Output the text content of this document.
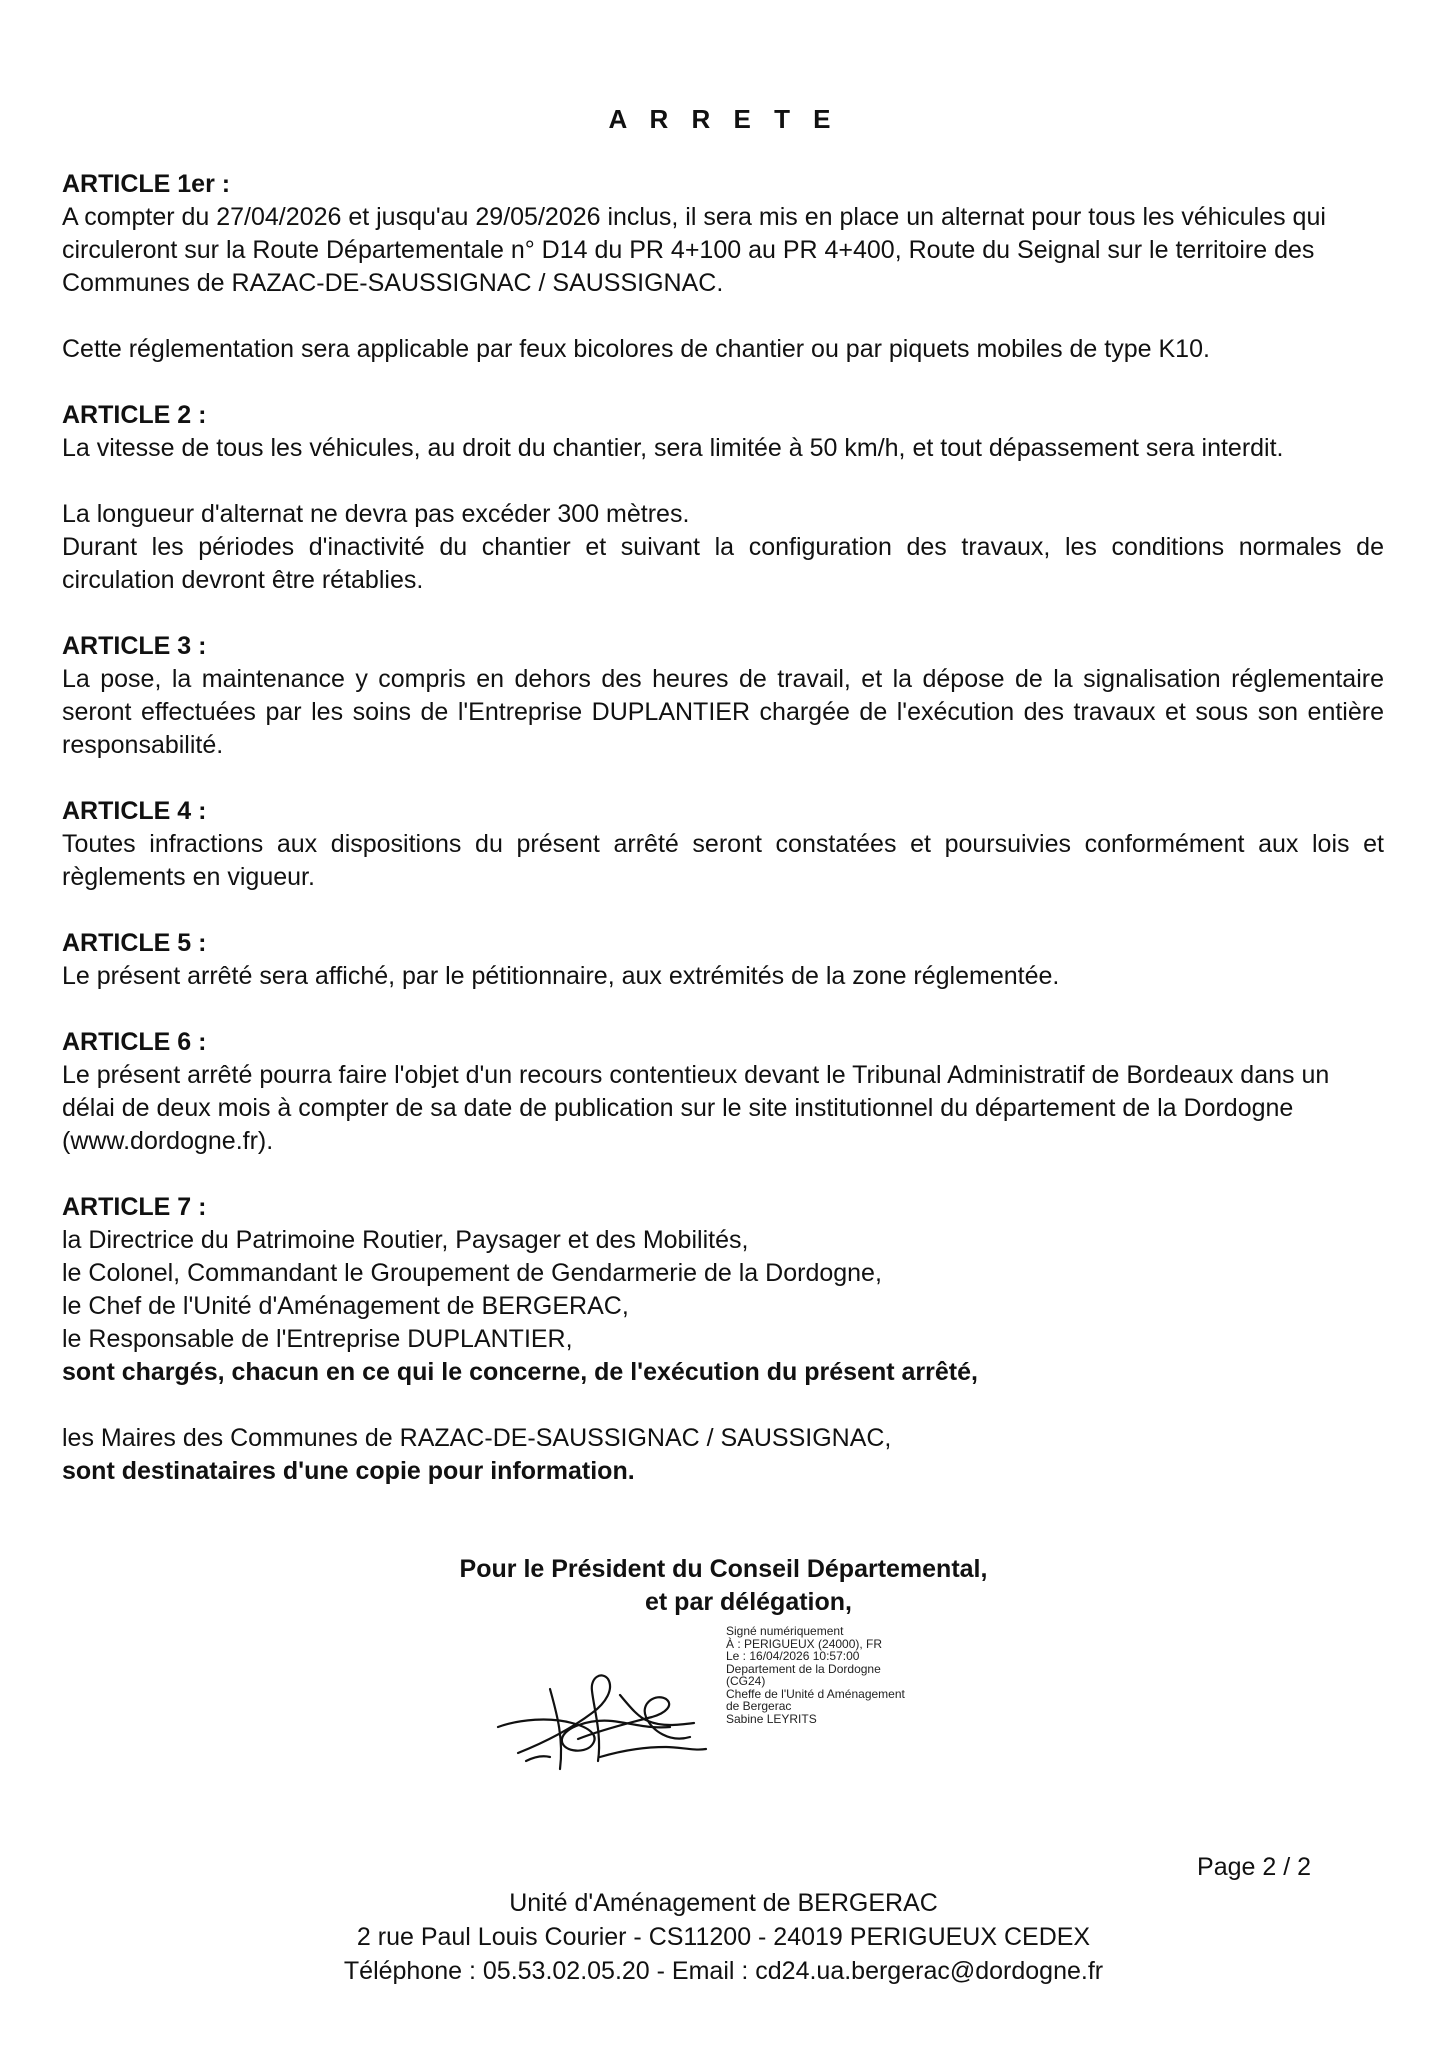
A R R E T E

ARTICLE 1er :

A compter du 27/04/2026 et jusqu'au 29/05/2026 inclus, il sera mis en place un alternat pour tous les véhicules qui circuleront sur la Route Départementale n° D14 du PR 4+100 au PR 4+400, Route du Seignal sur le territoire des Communes de RAZAC-DE-SAUSSIGNAC / SAUSSIGNAC.

Cette réglementation sera applicable par feux bicolores de chantier ou par piquets mobiles de type K10.

ARTICLE 2 :

La vitesse de tous les véhicules, au droit du chantier, sera limitée à 50 km/h, et tout dépassement sera interdit.

La longueur d'alternat ne devra pas excéder 300 mètres.

Durant les périodes d'inactivité du chantier et suivant la configuration des travaux, les conditions normales de circulation devront être rétablies.

ARTICLE 3 :

La pose, la maintenance y compris en dehors des heures de travail, et la dépose de la signalisation réglementaire seront effectuées par les soins de l'Entreprise DUPLANTIER chargée de l'exécution des travaux et sous son entière responsabilité.

ARTICLE 4 :

Toutes infractions aux dispositions du présent arrêté seront constatées et poursuivies conformément aux lois et règlements en vigueur.

ARTICLE 5 :

Le présent arrêté sera affiché, par le pétitionnaire, aux extrémités de la zone réglementée.

ARTICLE 6 :

Le présent arrêté pourra faire l'objet d'un recours contentieux devant le Tribunal Administratif de Bordeaux dans un délai de deux mois à compter de sa date de publication sur le site institutionnel du département de la Dordogne (www.dordogne.fr).

ARTICLE 7 :

la Directrice du Patrimoine Routier, Paysager et des Mobilités,

le Colonel, Commandant le Groupement de Gendarmerie de la Dordogne,

le Chef de l'Unité d'Aménagement de BERGERAC,

le Responsable de l'Entreprise DUPLANTIER,

sont chargés, chacun en ce qui le concerne, de l'exécution du présent arrêté,

les Maires des Communes de RAZAC-DE-SAUSSIGNAC / SAUSSIGNAC,

sont destinataires d'une copie pour information.

Pour le Président du Conseil Départemental,

et par délégation,

Signé numériquement
À : PERIGUEUX (24000), FR
Le : 16/04/2026 10:57:00
Departement de la Dordogne
(CG24)
Cheffe de l'Unité d Aménagement
de Bergerac
Sabine LEYRITS
Page 2 / 2

Unité d'Aménagement de BERGERAC

2 rue Paul Louis Courier - CS11200 - 24019 PERIGUEUX CEDEX

Téléphone : 05.53.02.05.20 - Email : cd24.ua.bergerac@dordogne.fr
